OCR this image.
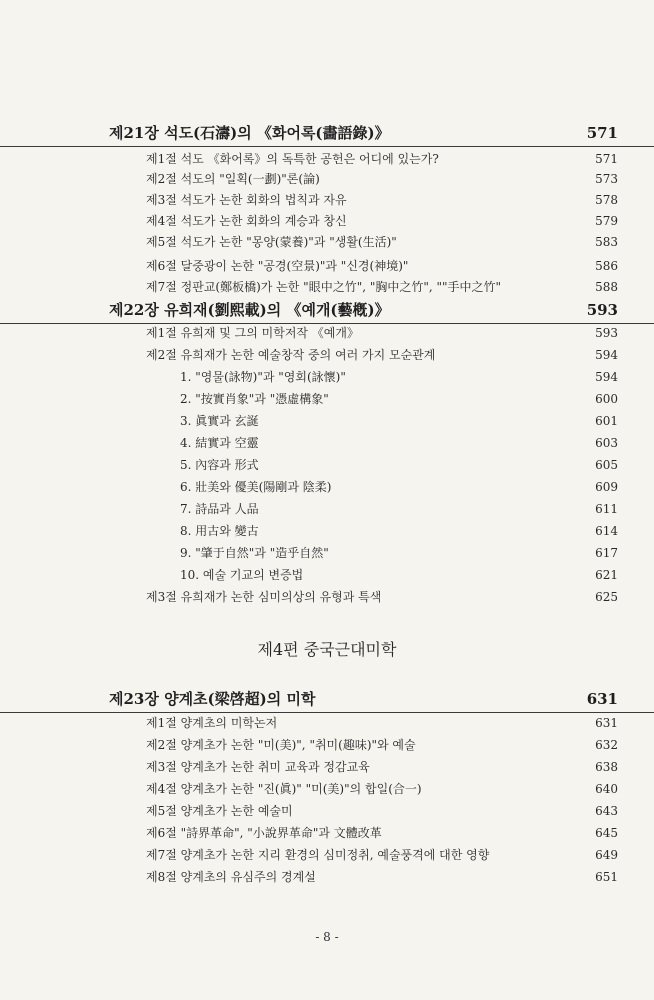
제21장 석도(石濤)의 《화어록(畵語錄)》	571
제1절 석도 《화어록》의 독특한 공헌은 어디에 있는가?	571
제2절 석도의 "일획(一劃)"론(論)	573
제3절 석도가 논한 회화의 법칙과 자유	578
제4절 석도가 논한 회화의 계승과 창신	579
제5절 석도가 논한 "몽양(蒙養)"과 "생활(生活)"	583
제6절 달중광이 논한 "공경(空景)"과 "신경(神境)"	586
제7절 정판교(鄭板橋)가 논한 "眼中之竹", "胸中之竹", ""手中之竹"	588
제22장 유희재(劉熙載)의 《예개(藝槪)》	593
제1절 유희재 및 그의 미학저작 《예개》	593
제2절 유희재가 논한 예술창작 중의 여러 가지 모순관계	594
1. "영물(詠物)"과 "영회(詠懷)"	594
2. "按實肖象"과 "憑虛構象"	600
3. 眞實과 玄誕	601
4. 結實과 空靈	603
5. 內容과 形式	605
6. 壯美와 優美(陽剛과 陰柔)	609
7. 詩品과 人品	611
8. 用古와 變古	614
9. "肇于自然"과 "造乎自然"	617
10. 예술 기교의 변증법	621
제3절 유희재가 논한 심미의상의 유형과 특색	625
제4편 중국근대미학
제23장 양계초(梁啓超)의 미학	631
제1절 양계초의 미학논저	631
제2절 양계초가 논한 "미(美)", "취미(趣味)"와 예술	632
제3절 양계초가 논한 취미 교육과 정감교육	638
제4절 양계초가 논한 "진(眞)" "미(美)"의 합일(合一)	640
제5절 양계초가 논한 예술미	643
제6절 "詩界革命", "小說界革命"과 文體改革	645
제7절 양계초가 논한 지리 환경의 심미정취, 예술풍격에 대한 영향	649
제8절 양계초의 유심주의 경계설	651
- 8 -
